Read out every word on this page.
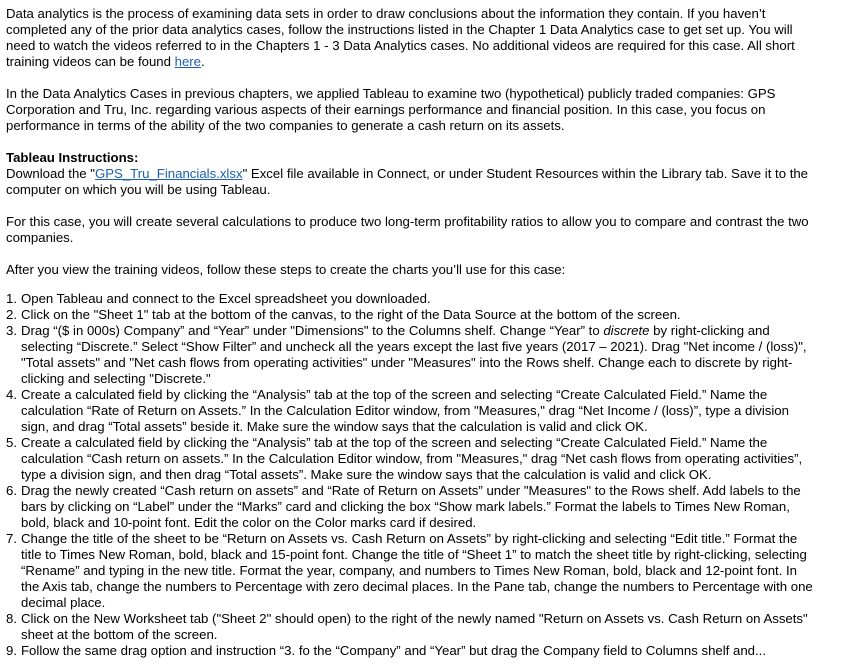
Data analytics is the process of examining data sets in order to draw conclusions about the information they contain. If you haven’t completed any of the prior data analytics cases, follow the instructions listed in the Chapter 1 Data Analytics case to get set up. You will need to watch the videos referred to in the Chapters 1 - 3 Data Analytics cases. No additional videos are required for this case. All short training videos can be found here.

In the Data Analytics Cases in previous chapters, we applied Tableau to examine two (hypothetical) publicly traded companies: GPS Corporation and Tru, Inc. regarding various aspects of their earnings performance and financial position. In this case, you focus on performance in terms of the ability of the two companies to generate a cash return on its assets.

Tableau Instructions:
Download the "GPS_Tru_Financials.xlsx" Excel file available in Connect, or under Student Resources within the Library tab. Save it to the computer on which you will be using Tableau.

For this case, you will create several calculations to produce two long-term profitability ratios to allow you to compare and contrast the two companies.

After you view the training videos, follow these steps to create the charts you’ll use for this case:

1. Open Tableau and connect to the Excel spreadsheet you downloaded.
2. Click on the "Sheet 1" tab at the bottom of the canvas, to the right of the Data Source at the bottom of the screen.
3. Drag “($ in 000s) Company” and “Year” under "Dimensions" to the Columns shelf. Change “Year” to discrete by right-clicking and selecting “Discrete.” Select “Show Filter” and uncheck all the years except the last five years (2017 – 2021). Drag "Net income / (loss)", "Total assets" and "Net cash flows from operating activities" under "Measures" into the Rows shelf. Change each to discrete by right-clicking and selecting "Discrete."
4. Create a calculated field by clicking the “Analysis” tab at the top of the screen and selecting “Create Calculated Field.” Name the calculation “Rate of Return on Assets.” In the Calculation Editor window, from "Measures," drag “Net Income / (loss)”, type a division sign, and drag “Total assets” beside it. Make sure the window says that the calculation is valid and click OK.
5. Create a calculated field by clicking the “Analysis” tab at the top of the screen and selecting “Create Calculated Field.” Name the calculation “Cash return on assets.” In the Calculation Editor window, from "Measures," drag “Net cash flows from operating activities”, type a division sign, and then drag “Total assets”. Make sure the window says that the calculation is valid and click OK.
6. Drag the newly created “Cash return on assets” and “Rate of Return on Assets” under "Measures" to the Rows shelf. Add labels to the bars by clicking on “Label” under the “Marks” card and clicking the box “Show mark labels.” Format the labels to Times New Roman, bold, black and 10-point font. Edit the color on the Color marks card if desired.
7. Change the title of the sheet to be “Return on Assets vs. Cash Return on Assets” by right-clicking and selecting “Edit title.” Format the title to Times New Roman, bold, black and 15-point font. Change the title of “Sheet 1” to match the sheet title by right-clicking, selecting “Rename” and typing in the new title. Format the year, company, and numbers to Times New Roman, bold, black and 12-point font. In the Axis tab, change the numbers to Percentage with zero decimal places. In the Pane tab, change the numbers to Percentage with one decimal place.
8. Click on the New Worksheet tab ("Sheet 2" should open) to the right of the newly named "Return on Assets vs. Cash Return on Assets" sheet at the bottom of the screen.
9. Follow the same drag option and instruction “3. fo the “Company” and “Year” but drag the Company field to Columns shelf and...
